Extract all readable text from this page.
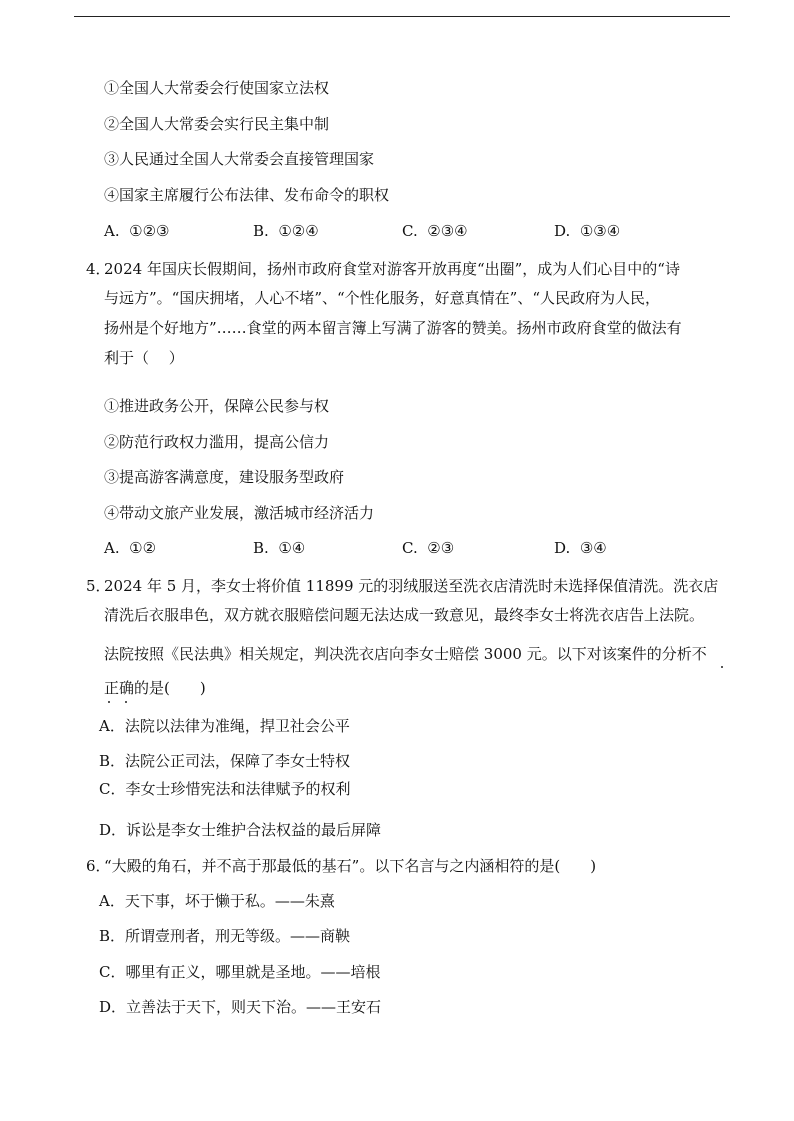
①全国人大常委会行使国家立法权
②全国人大常委会实行民主集中制
③人民通过全国人大常委会直接管理国家
④国家主席履行公布法律、发布命令的职权
A. ①②③	B. ①②④	C. ②③④	D. ①③④
4．
2024 年国庆长假期间，扬州市政府食堂对游客开放再度“出圈”，成为人们心目中的“诗
与远方”。“国庆拥堵，人心不堵”、“个性化服务，好意真情在”、“人民政府为人民，
扬州是个好地方”……食堂的两本留言簿上写满了游客的赞美。扬州市政府食堂的做法有
利于（　 ）
①推进政务公开，保障公民参与权
②防范行政权力滥用，提高公信力
③提高游客满意度，建设服务型政府
④带动文旅产业发展，激活城市经济活力
A. ①②	B. ①④	C. ②③	D. ③④
5．
2024 年 5 月，李女士将价值 11899 元的羽绒服送至洗衣店清洗时未选择保值清洗。洗衣店
清洗后衣服串色，双方就衣服赔偿问题无法达成一致意见，最终李女士将洗衣店告上法院。
法院按照《民法典》相关规定，判决洗衣店向李女士赔偿 3000 元。以下对该案件的分析不
正确的是(　　)
A．法院以法律为准绳，捍卫社会公平
B．法院公正司法，保障了李女士特权
C．李女士珍惜宪法和法律赋予的权利
D．诉讼是李女士维护合法权益的最后屏障
6．
“大殿的角石，并不高于那最低的基石”。以下名言与之内涵相符的是(　　)
A．天下事，坏于懒于私。——朱熹
B．所谓壹刑者，刑无等级。——商鞅
C．哪里有正义，哪里就是圣地。——培根
D．立善法于天下，则天下治。——王安石
